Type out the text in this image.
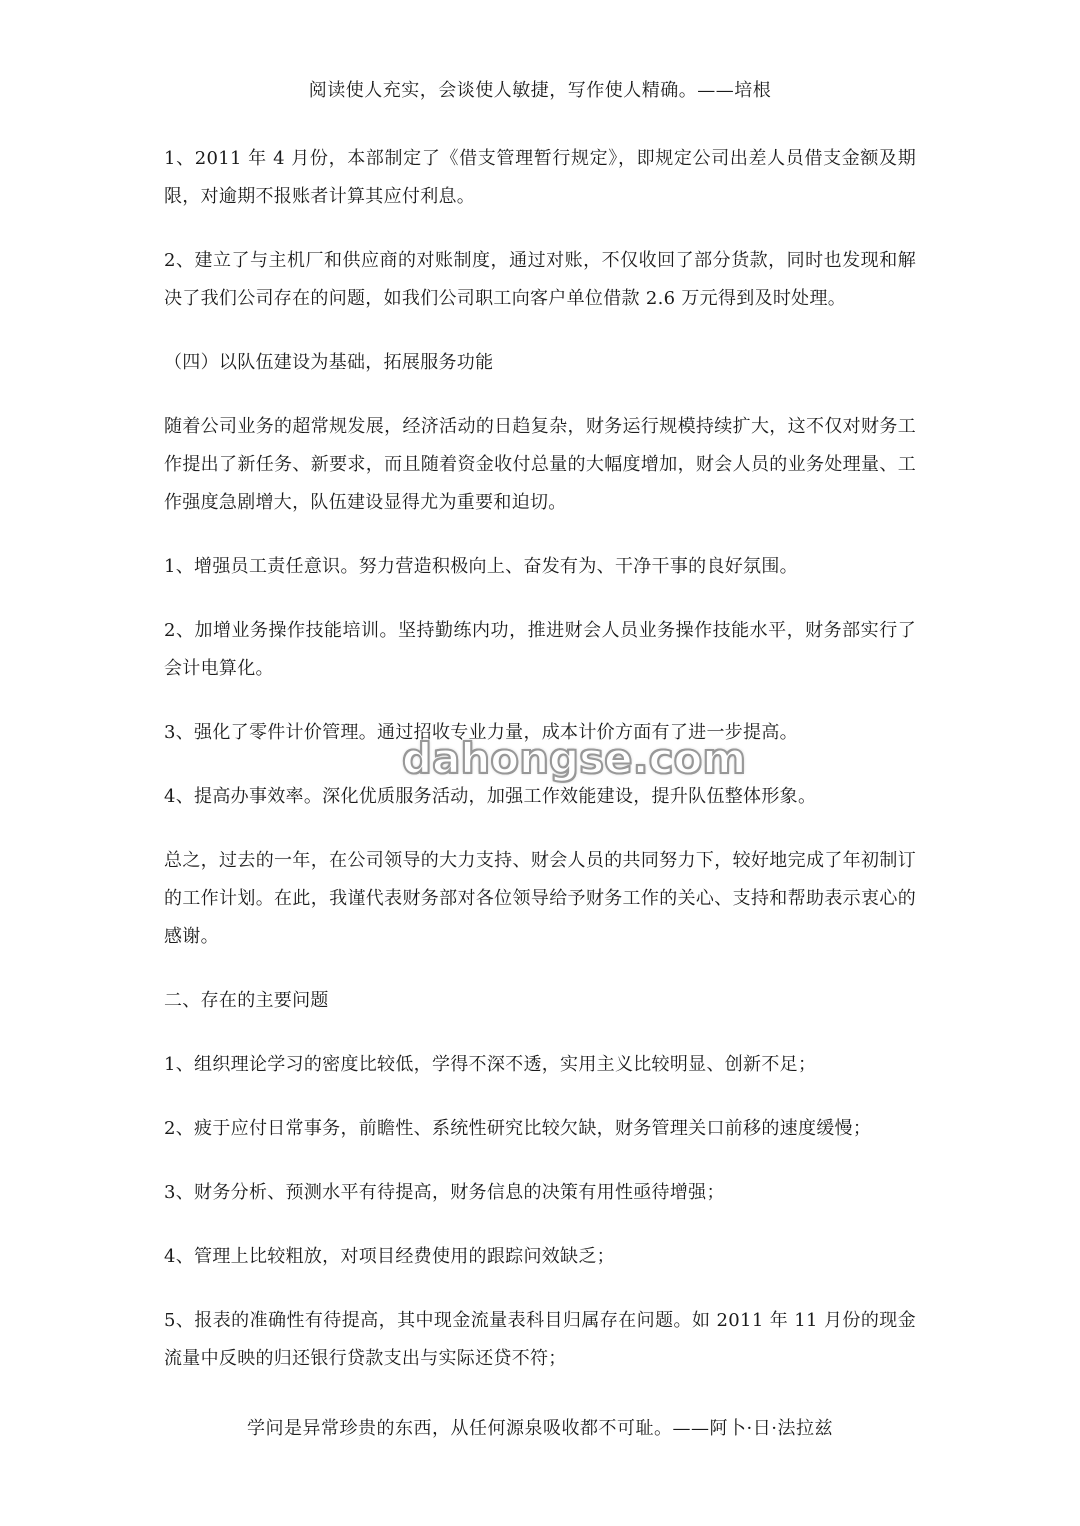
阅读使人充实，会谈使人敏捷，写作使人精确。——培根

1、2011 年 4 月份，本部制定了《借支管理暂行规定》，即规定公司出差人员借支金额及期限，对逾期不报账者计算其应付利息。

2、建立了与主机厂和供应商的对账制度，通过对账，不仅收回了部分货款，同时也发现和解决了我们公司存在的问题，如我们公司职工向客户单位借款 2.6 万元得到及时处理。

（四）以队伍建设为基础，拓展服务功能

随着公司业务的超常规发展，经济活动的日趋复杂，财务运行规模持续扩大，这不仅对财务工作提出了新任务、新要求，而且随着资金收付总量的大幅度增加，财会人员的业务处理量、工作强度急剧增大，队伍建设显得尤为重要和迫切。

1、增强员工责任意识。努力营造积极向上、奋发有为、干净干事的良好氛围。

2、加增业务操作技能培训。坚持勤练内功，推进财会人员业务操作技能水平，财务部实行了会计电算化。

3、强化了零件计价管理。通过招收专业力量，成本计价方面有了进一步提高。

4、提高办事效率。深化优质服务活动，加强工作效能建设，提升队伍整体形象。

总之，过去的一年，在公司领导的大力支持、财会人员的共同努力下，较好地完成了年初制订的工作计划。在此，我谨代表财务部对各位领导给予财务工作的关心、支持和帮助表示衷心的感谢。

二、存在的主要问题

1、组织理论学习的密度比较低，学得不深不透，实用主义比较明显、创新不足；

2、疲于应付日常事务，前瞻性、系统性研究比较欠缺，财务管理关口前移的速度缓慢；

3、财务分析、预测水平有待提高，财务信息的决策有用性亟待增强；

4、管理上比较粗放，对项目经费使用的跟踪问效缺乏；

5、报表的准确性有待提高，其中现金流量表科目归属存在问题。如 2011 年 11 月份的现金流量中反映的归还银行贷款支出与实际还贷不符；

dahongse.com
学问是异常珍贵的东西，从任何源泉吸收都不可耻。——阿卜·日·法拉兹
